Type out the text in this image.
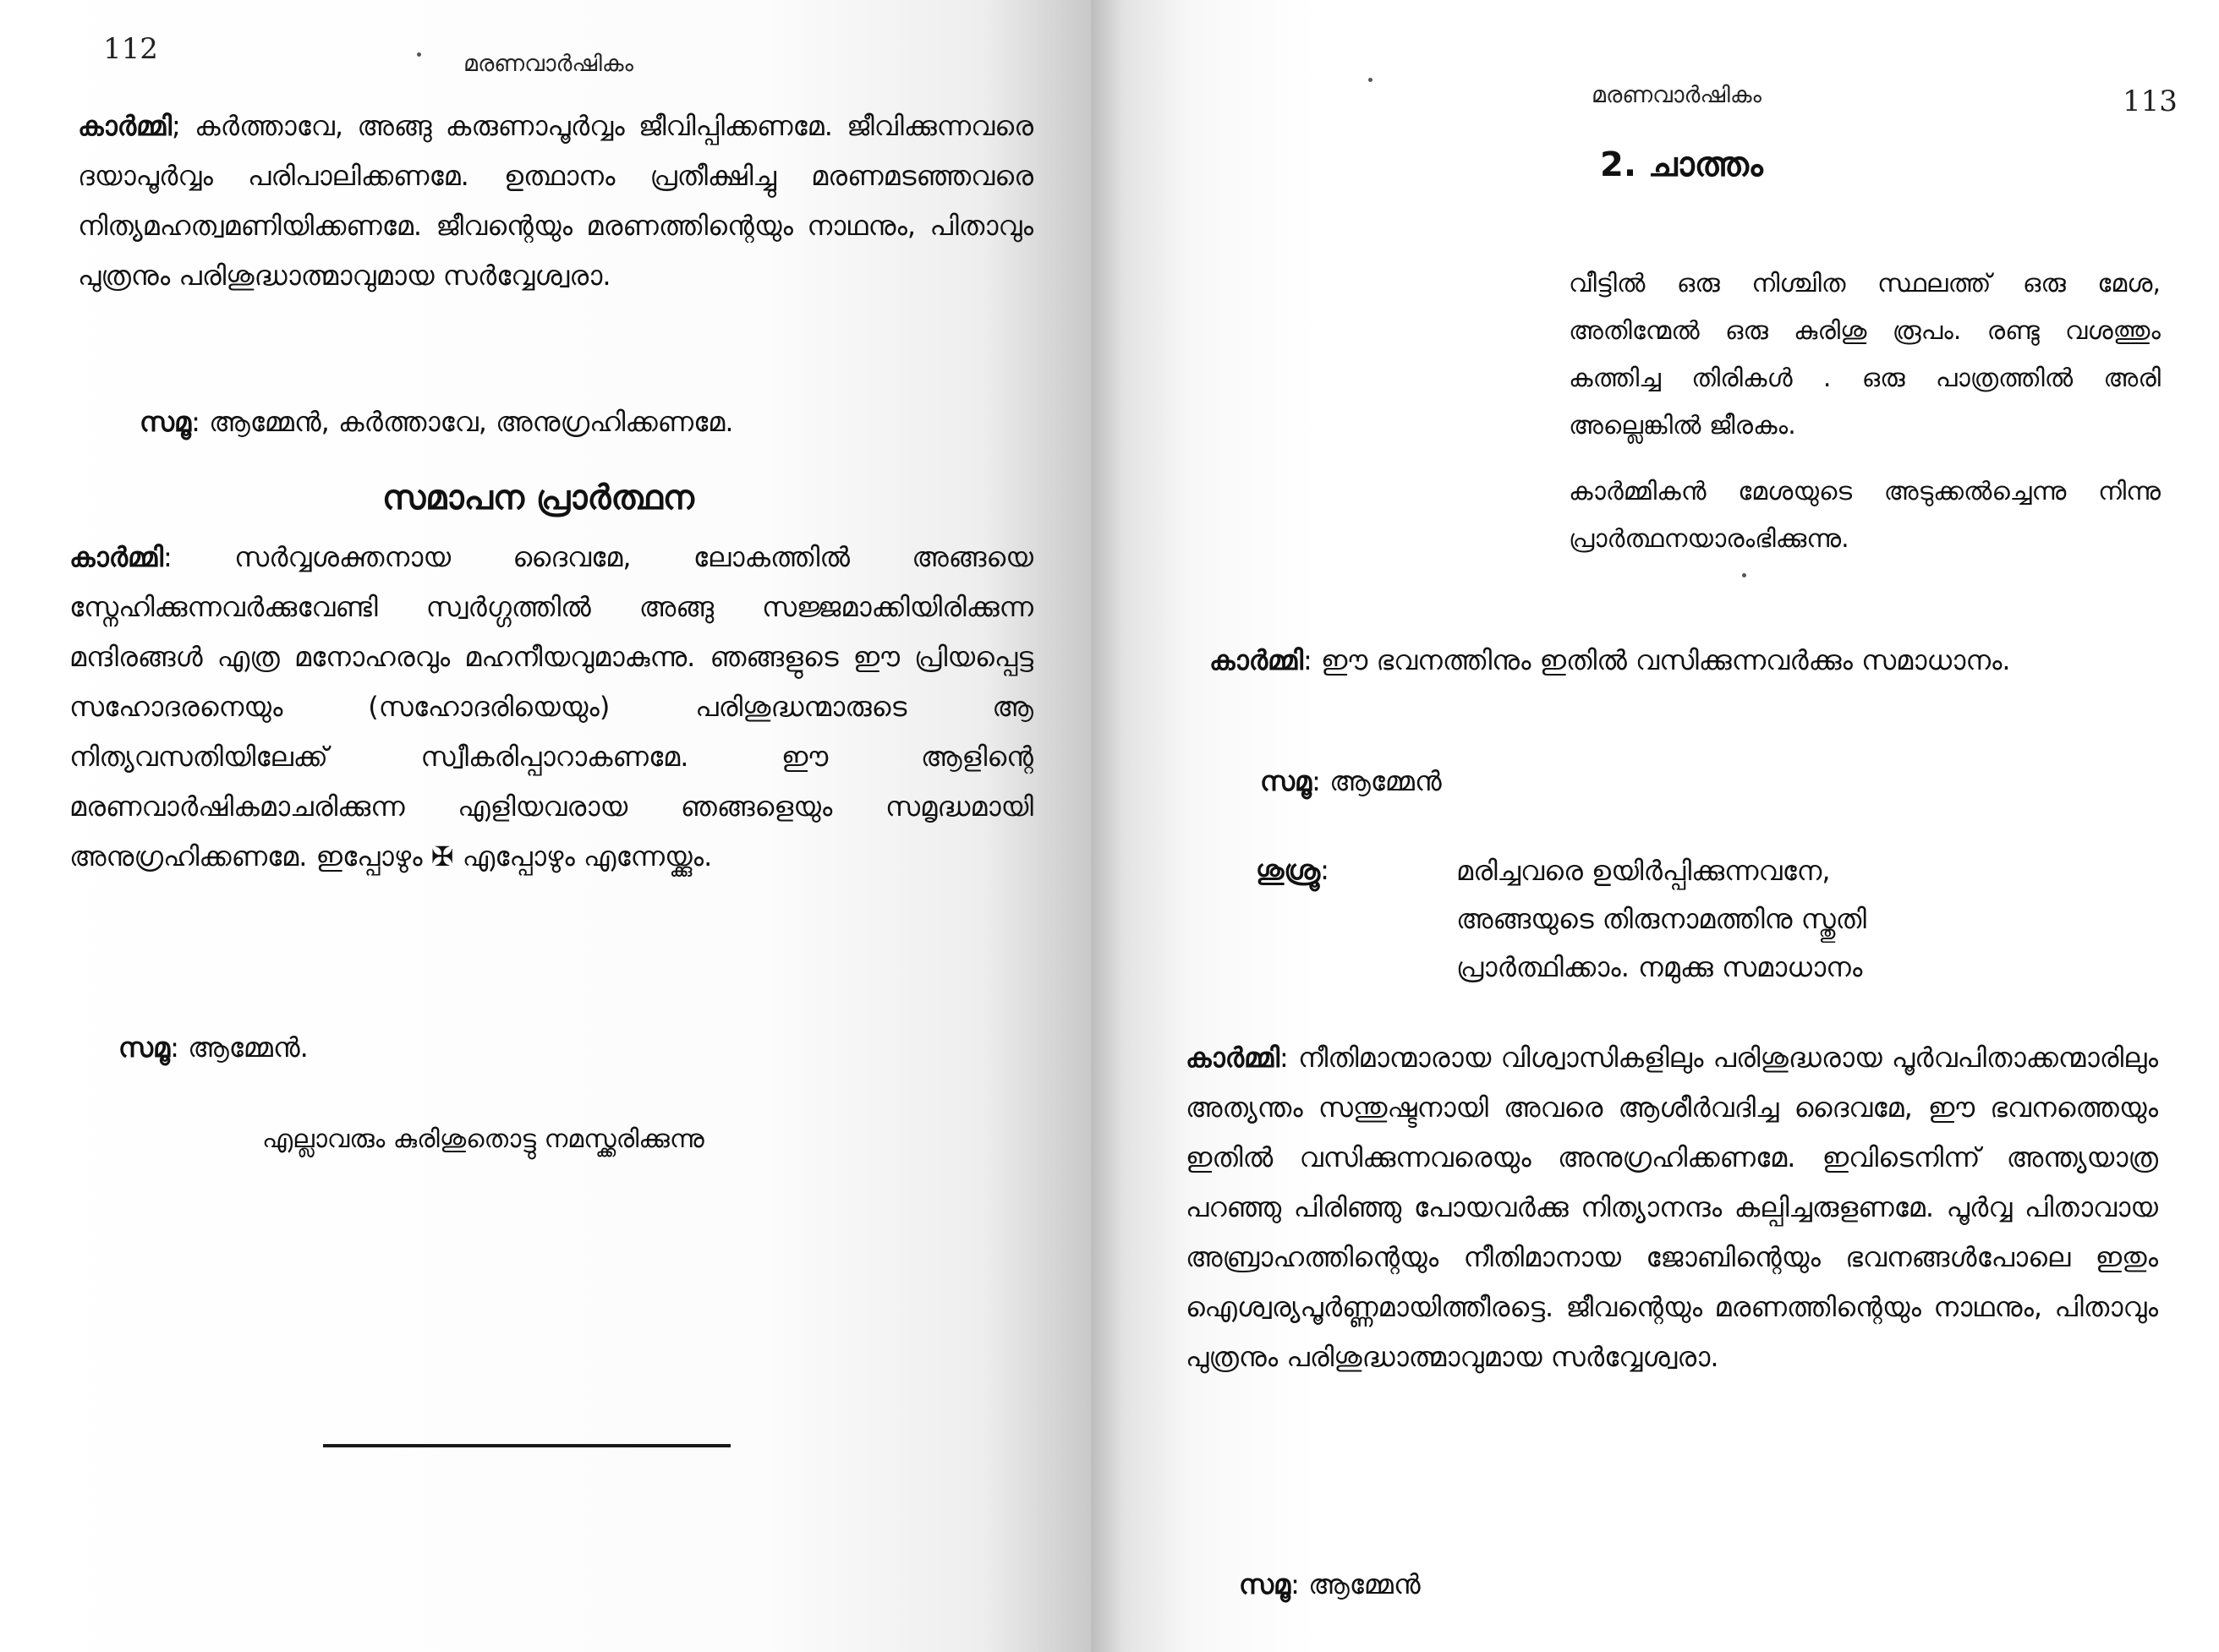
112	മരണവാർഷികം
കാർമ്മി; കർത്താവേ, അങ്ങു കരുണാപൂർവ്വം ജീവിപ്പിക്കണമേ. ജീവിക്കുന്നവരെ ദയാപൂർവ്വം പരിപാലിക്കണമേ. ഉത്ഥാനം പ്രതീക്ഷിച്ചു മരണമടഞ്ഞവരെ നിത്യമഹത്വമണിയിക്കണമേ. ജീവന്റെയും മരണത്തിന്റെയും നാഥനും, പിതാവും പുത്രനും പരിശുദ്ധാത്മാവുമായ സർവ്വേശ്വരാ.
സമൂ: ആമ്മേൻ, കർത്താവേ, അനുഗ്രഹിക്കണമേ.
സമാപന പ്രാർത്ഥന
കാർമ്മി: സർവ്വശക്തനായ ദൈവമേ, ലോകത്തിൽ അങ്ങയെ സ്നേഹിക്കുന്നവർക്കുവേണ്ടി സ്വർഗ്ഗത്തിൽ അങ്ങു സജ്ജമാക്കിയിരിക്കുന്ന മന്ദിരങ്ങൾ എത്ര മനോഹരവും മഹനീയവുമാകുന്നു. ഞങ്ങളുടെ ഈ പ്രിയപ്പെട്ട സഹോദരനെയും (സഹോദരിയെയും) പരിശുദ്ധന്മാരുടെ ആ നിത്യവസതിയിലേക്ക് സ്വീകരിപ്പാറാകണമേ. ഈ ആളിന്റെ മരണവാർഷികമാചരിക്കുന്ന എളിയവരായ ഞങ്ങളെയും സമൃദ്ധമായി അനുഗ്രഹിക്കണമേ. ഇപ്പോഴും ✠ എപ്പോഴും എന്നേയ്ക്കും.
സമൂ: ആമ്മേൻ.
എല്ലാവരും കുരിശുതൊട്ടു നമസ്ക്കരിക്കുന്നു
113
മരണവാർഷികം
2. ചാത്തം

വീട്ടിൽ ഒരു നിശ്ചിത സ്ഥലത്ത് ഒരു മേശ, അതിന്മേൽ ഒരു കുരിശു രൂപം. രണ്ടു വശത്തും കത്തിച്ച തിരികൾ . ഒരു പാത്രത്തിൽ അരി അല്ലെങ്കിൽ ജീരകം.

കാർമ്മികൻ മേശയുടെ അടുക്കൽച്ചെന്നു നിന്നു പ്രാർത്ഥനയാരംഭിക്കുന്നു.

കാർമ്മി: ഈ ഭവനത്തിനും ഇതിൽ വസിക്കുന്നവർക്കും സമാധാനം.
സമൂ: ആമ്മേൻ
ശുശ്രൂ:	മരിച്ചവരെ ഉയിർപ്പിക്കുന്നവനേ,
അങ്ങയുടെ തിരുനാമത്തിനു സ്തുതി
പ്രാർത്ഥിക്കാം. നമുക്കു സമാധാനം
കാർമ്മി: നീതിമാന്മാരായ വിശ്വാസികളിലും പരിശുദ്ധരായ പൂർവപിതാക്കന്മാരിലും അത്യന്തം സന്തുഷ്ടനായി അവരെ ആശീർവദിച്ച ദൈവമേ, ഈ ഭവനത്തെയും ഇതിൽ വസിക്കുന്നവരെയും അനുഗ്രഹിക്കണമേ. ഇവിടെനിന്ന് അന്ത്യയാത്ര പറഞ്ഞു പിരിഞ്ഞു പോയവർക്കു നിത്യാനന്ദം കല്പിച്ചരുളണമേ. പൂർവ്വ പിതാവായ അബ്രാഹത്തിന്റെയും നീതിമാനായ ജോബിന്റെയും ഭവനങ്ങൾപോലെ ഇതും ഐശ്വര്യപൂർണ്ണമായിത്തീരട്ടെ. ജീവന്റെയും മരണത്തിന്റെയും നാഥനും, പിതാവും പുത്രനും പരിശുദ്ധാത്മാവുമായ സർവ്വേശ്വരാ.
സമൂ: ആമ്മേൻ
